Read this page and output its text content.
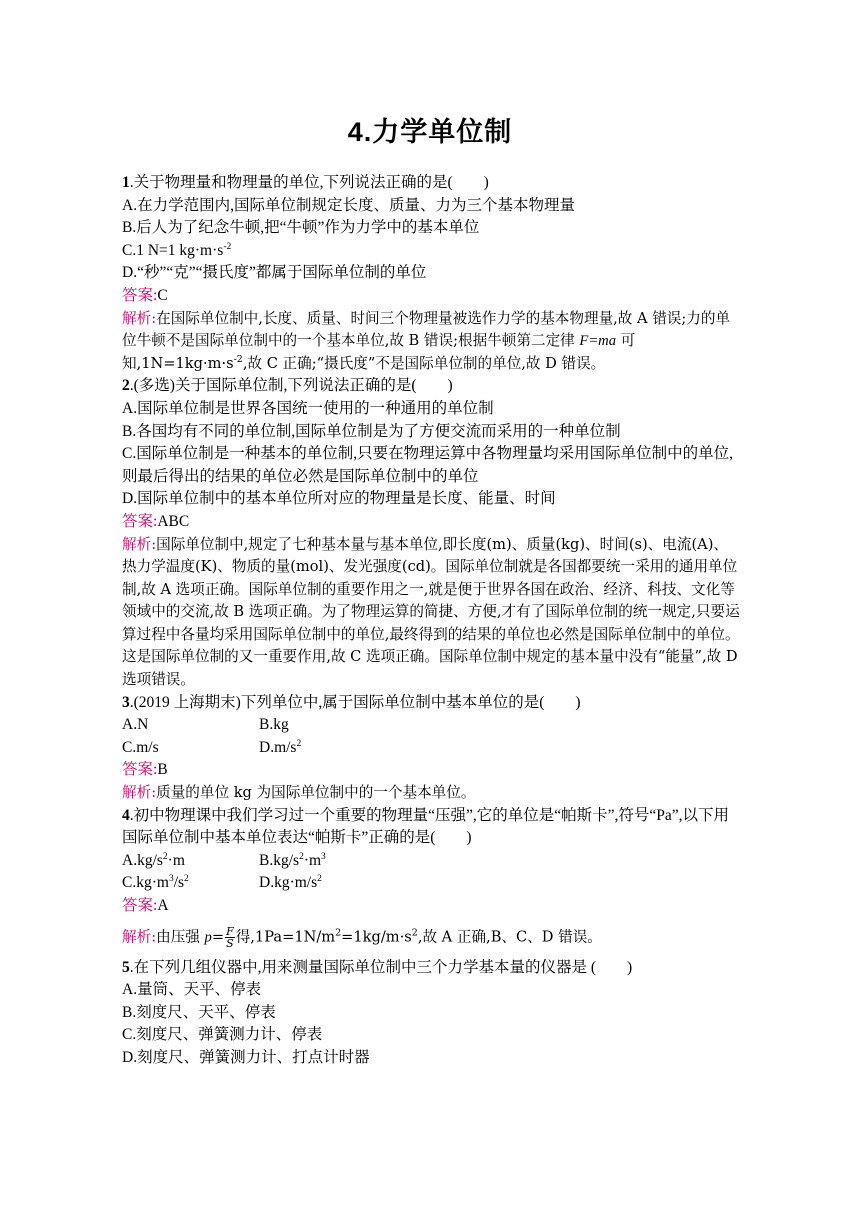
4.力学单位制

1.关于物理量和物理量的单位,下列说法正确的是(　　)

A.在力学范围内,国际单位制规定长度、质量、力为三个基本物理量

B.后人为了纪念牛顿,把“牛顿”作为力学中的基本单位

C.1 N=1 $kg\cdot m\cdot s^{-2}$

D.“秒”“克”“摄氏度”都属于国际单位制的单位

答案:C

解析:在国际单位制中,长度、质量、时间三个物理量被选作力学的基本物理量,故 A 错误;力的单位牛顿不是国际单位制中的一个基本单位,故 B 错误;根据牛顿第二定律 F=ma 可知$,1N=1kg\cdot m\cdot s^{-2}$,故 C 正确;“摄氏度”不是国际单位制的单位,故 D 错误。

2.(多选)关于国际单位制,下列说法正确的是(　　)

A.国际单位制是世界各国统一使用的一种通用的单位制

B.各国均有不同的单位制,国际单位制是为了方便交流而采用的一种单位制

C.国际单位制是一种基本的单位制,只要在物理运算中各物理量均采用国际单位制中的单位,则最后得出的结果的单位必然是国际单位制中的单位

D.国际单位制中的基本单位所对应的物理量是长度、能量、时间

答案:ABC

解析:国际单位制中,规定了七种基本量与基本单位,即长度(m)、质量(kg)、时间(s)、电流(A)、热力学温度(K)、物质的量(mol)、发光强度(cd)。国际单位制就是各国都要统一采用的通用单位制,故 A 选项正确。国际单位制的重要作用之一,就是便于世界各国在政治、经济、科技、文化等领域中的交流,故 B 选项正确。为了物理运算的简捷、方便,才有了国际单位制的统一规定,只要运算过程中各量均采用国际单位制中的单位,最终得到的结果的单位也必然是国际单位制中的单位。这是国际单位制的又一重要作用,故 C 选项正确。国际单位制中规定的基本量中没有“能量”,故 D 选项错误。

3.(2019 上海期末)下列单位中,属于国际单位制中基本单位的是(　　)

A.N	B.kg
C.m/s	$D.m/s^2$

答案:B

解析:质量的单位 kg 为国际单位制中的一个基本单位。

4.初中物理课中我们学习过一个重要的物理量“压强”,它的单位是“帕斯卡”,符号“Pa”,以下用国际单位制中基本单位表达“帕斯卡”正确的是(　　)

$A.kg/s^2\cdot m$	$B.kg/s^2\cdot m^3$
$C.kg\cdot m^3/s^2$	$D.kg\cdot m/s^2$

答案:A

解析:由压强 $p= \frac{F}{S}$ 得$,1Pa=1N/m^2=1kg/m\cdot s^2$,故 A 正确,B、C、D 错误。

5.在下列几组仪器中,用来测量国际单位制中三个力学基本量的仪器是 (　　)

A.量筒、天平、停表

B.刻度尺、天平、停表

C.刻度尺、弹簧测力计、停表

D.刻度尺、弹簧测力计、打点计时器
